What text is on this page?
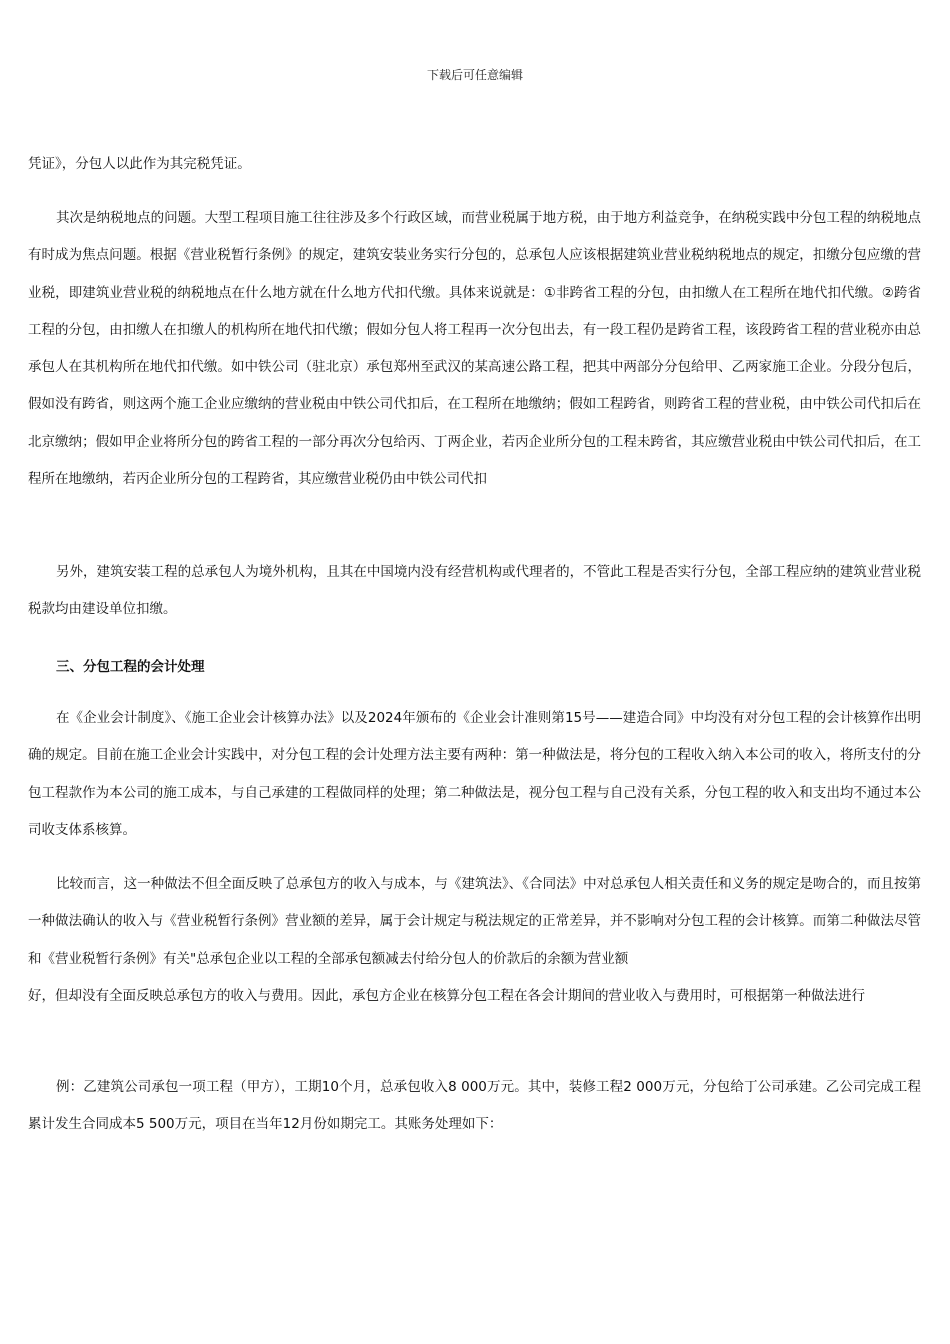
下载后可任意编辑

凭证》，分包人以此作为其完税凭证。

其次是纳税地点的问题。大型工程项目施工往往涉及多个行政区域，而营业税属于地方税，由于地方利益竞争，在纳税实践中分包工程的纳税地点有时成为焦点问题。根据《营业税暂行条例》的规定，建筑安装业务实行分包的，总承包人应该根据建筑业营业税纳税地点的规定，扣缴分包应缴的营业税，即建筑业营业税的纳税地点在什么地方就在什么地方代扣代缴。具体来说就是：①非跨省工程的分包，由扣缴人在工程所在地代扣代缴。②跨省工程的分包，由扣缴人在扣缴人的机构所在地代扣代缴；假如分包人将工程再一次分包出去，有一段工程仍是跨省工程，该段跨省工程的营业税亦由总承包人在其机构所在地代扣代缴。如中铁公司（驻北京）承包郑州至武汉的某高速公路工程，把其中两部分分包给甲、乙两家施工企业。分段分包后，假如没有跨省，则这两个施工企业应缴纳的营业税由中铁公司代扣后，在工程所在地缴纳；假如工程跨省，则跨省工程的营业税，由中铁公司代扣后在北京缴纳；假如甲企业将所分包的跨省工程的一部分再次分包给丙、丁两企业，若丙企业所分包的工程未跨省，其应缴营业税由中铁公司代扣后，在工程所在地缴纳，若丙企业所分包的工程跨省，其应缴营业税仍由中铁公司代扣

另外，建筑安装工程的总承包人为境外机构，且其在中国境内没有经营机构或代理者的，不管此工程是否实行分包，全部工程应纳的建筑业营业税税款均由建设单位扣缴。

三、分包工程的会计处理

在《企业会计制度》、《施工企业会计核算办法》以及2024年颁布的《企业会计准则第15号——建造合同》中均没有对分包工程的会计核算作出明确的规定。目前在施工企业会计实践中，对分包工程的会计处理方法主要有两种：第一种做法是，将分包的工程收入纳入本公司的收入，将所支付的分包工程款作为本公司的施工成本，与自己承建的工程做同样的处理；第二种做法是，视分包工程与自己没有关系，分包工程的收入和支出均不通过本公司收支体系核算。

比较而言，这一种做法不但全面反映了总承包方的收入与成本，与《建筑法》、《合同法》中对总承包人相关责任和义务的规定是吻合的，而且按第一种做法确认的收入与《营业税暂行条例》营业额的差异，属于会计规定与税法规定的正常差异，并不影响对分包工程的会计核算。而第二种做法尽管和《营业税暂行条例》有关"总承包企业以工程的全部承包额减去付给分包人的价款后的余额为营业额

好，但却没有全面反映总承包方的收入与费用。因此，承包方企业在核算分包工程在各会计期间的营业收入与费用时，可根据第一种做法进行

例：乙建筑公司承包一项工程（甲方），工期10个月，总承包收入8 000万元。其中，装修工程2 000万元，分包给丁公司承建。乙公司完成工程累计发生合同成本5 500万元，项目在当年12月份如期完工。其账务处理如下：
